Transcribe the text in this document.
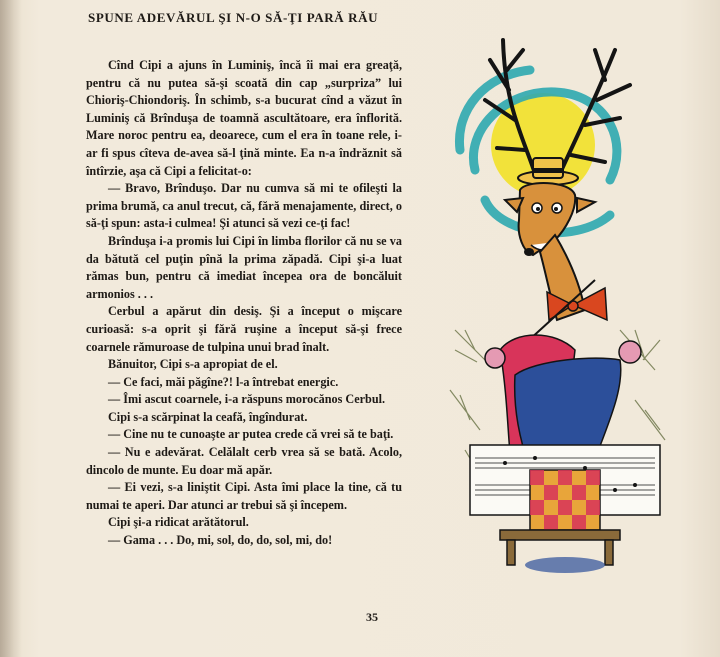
SPUNE ADEVĂRUL ŞI N-O SĂ-ŢI PARĂ RĂU

Cînd Cipi a ajuns în Luminiş, încă îi mai era greaţă, pentru că nu putea să-şi scoată din cap „surpriza” lui Chioriş-Chiondoriş. În schimb, s-a bucurat cînd a văzut în Luminiş că Brînduşa de toamnă ascultătoare, era înflorită. Mare noroc pentru ea, deoarece, cum el era în toane rele, i-ar fi spus cîteva de-avea să-l ţină minte. Ea n-a îndrăznit să întîrzie, aşa că Cipi a felicitat-o:

— Bravo, Brînduşo. Dar nu cumva să mi te ofileşti la prima brumă, ca anul trecut, că, fără menajamente, direct, o să-ţi spun: asta-i culmea! Şi atunci să vezi ce-ţi fac!

Brînduşa i-a promis lui Cipi în limba florilor că nu se va da bătută cel puţin pînă la prima zăpadă. Cipi şi-a luat rămas bun, pentru că imediat începea ora de boncăluit armonios . . .

Cerbul a apărut din desiş. Şi a început o mişcare curioasă: s-a oprit şi fără ruşine a început să-şi frece coarnele rămuroase de tulpina unui brad înalt.

Bănuitor, Cipi s-a apropiat de el.

— Ce faci, măi păgîne?! l-a întrebat energic.

— Îmi ascut coarnele, i-a răspuns morocănos Cerbul.

Cipi s-a scărpinat la ceafă, îngîndurat.

— Cine nu te cunoaşte ar putea crede că vrei să te baţi.

— Nu e adevărat. Celălalt cerb vrea să se bată. Acolo, dincolo de munte. Eu doar mă apăr.

— Ei vezi, s-a liniştit Cipi. Asta îmi place la tine, că tu numai te aperi. Dar atunci ar trebui să şi începem.

Cipi şi-a ridicat arătătorul.

— Gama . . . Do, mi, sol, do, do, sol, mi, do!

35
